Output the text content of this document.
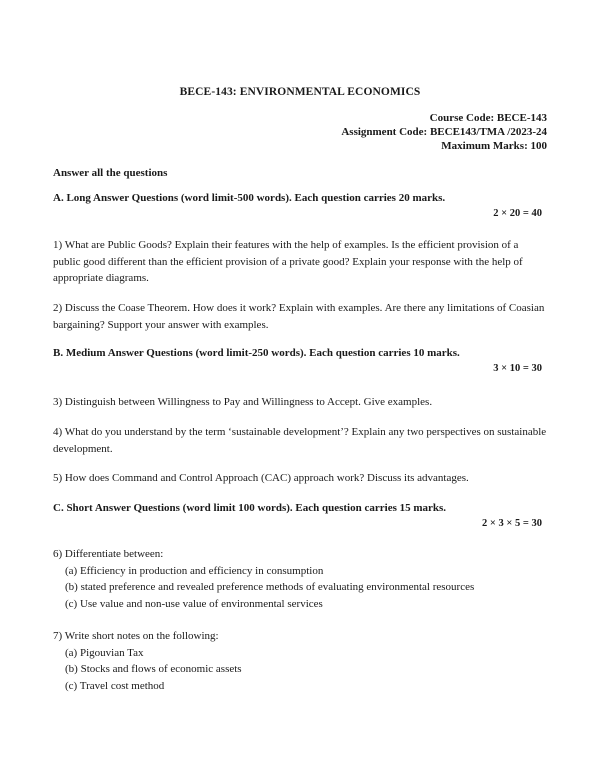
BECE-143: ENVIRONMENTAL ECONOMICS
Course Code: BECE-143
Assignment Code: BECE143/TMA /2023-24
Maximum Marks: 100
Answer all the questions
A. Long Answer Questions (word limit-500 words). Each question carries 20 marks.
2 × 20 = 40
1) What are Public Goods? Explain their features with the help of examples. Is the efficient provision of a public good different than the efficient provision of a private good? Explain your response with the help of appropriate diagrams.
2) Discuss the Coase Theorem. How does it work? Explain with examples. Are there any limitations of Coasian bargaining? Support your answer with examples.
B. Medium Answer Questions (word limit-250 words). Each question carries 10 marks.
3 × 10 = 30
3) Distinguish between Willingness to Pay and Willingness to Accept. Give examples.
4) What do you understand by the term ‘sustainable development’? Explain any two perspectives on sustainable development.
5) How does Command and Control Approach (CAC) approach work? Discuss its advantages.
C. Short Answer Questions (word limit 100 words). Each question carries 15 marks.
2 × 3 × 5 = 30
6) Differentiate between:
(a) Efficiency in production and efficiency in consumption
(b) stated preference and revealed preference methods of evaluating environmental resources
(c) Use value and non-use value of environmental services
7) Write short notes on the following:
(a) Pigouvian Tax
(b) Stocks and flows of economic assets
(c) Travel cost method
